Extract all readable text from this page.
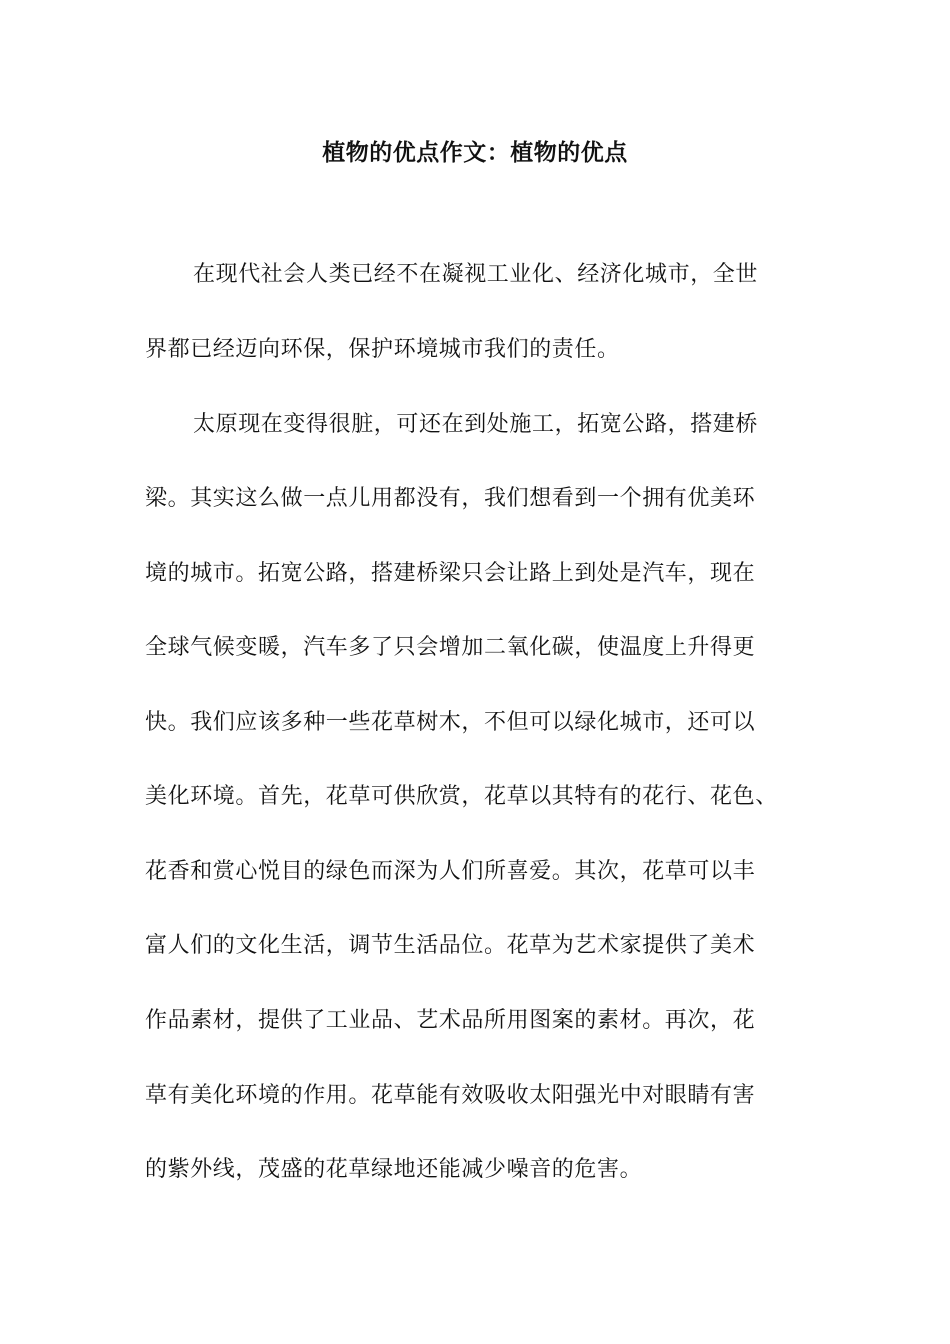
植物的优点作文：植物的优点

在现代社会人类已经不在凝视工业化、经济化城市，全世

界都已经迈向环保，保护环境城市我们的责任。

太原现在变得很脏，可还在到处施工，拓宽公路，搭建桥

梁。其实这么做一点儿用都没有，我们想看到一个拥有优美环

境的城市。拓宽公路，搭建桥梁只会让路上到处是汽车，现在

全球气候变暖，汽车多了只会增加二氧化碳，使温度上升得更

快。我们应该多种一些花草树木，不但可以绿化城市，还可以

美化环境。首先，花草可供欣赏，花草以其特有的花行、花色、

花香和赏心悦目的绿色而深为人们所喜爱。其次，花草可以丰

富人们的文化生活，调节生活品位。花草为艺术家提供了美术

作品素材，提供了工业品、艺术品所用图案的素材。再次，花

草有美化环境的作用。花草能有效吸收太阳强光中对眼睛有害

的紫外线，茂盛的花草绿地还能减少噪音的危害。
